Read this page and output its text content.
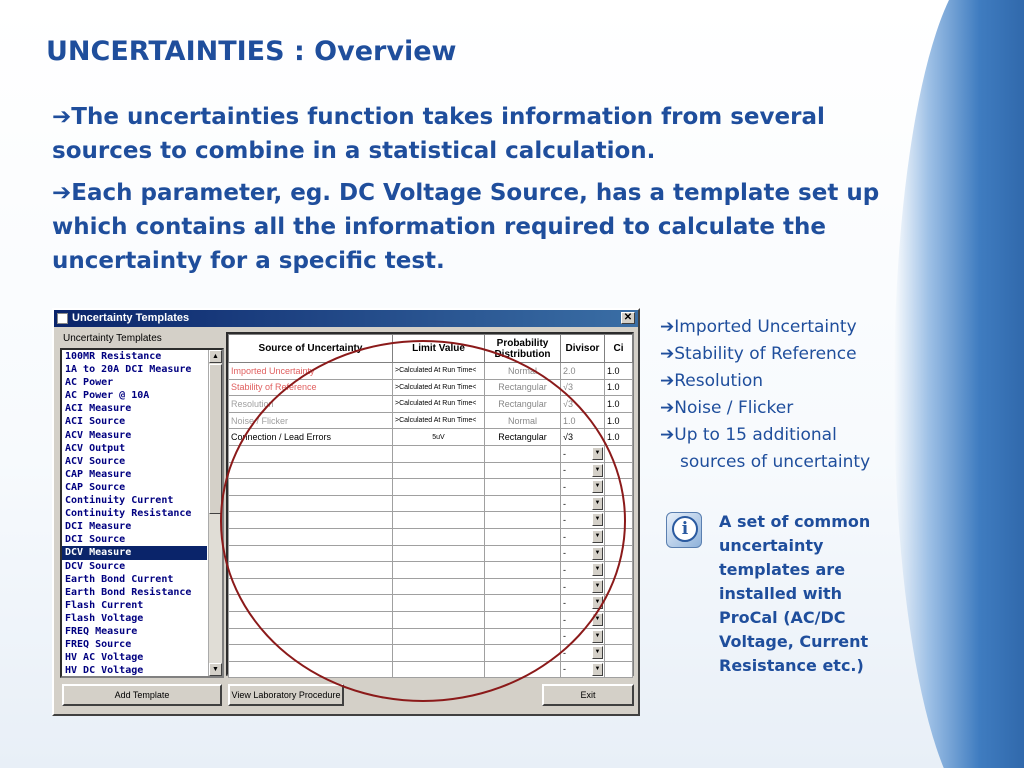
UNCERTAINTIES : Overview

➔The uncertainties function takes information from several sources to combine in a statistical calculation.

➔Each parameter, eg. DC Voltage Source, has a template set up which contains all the information required to calculate the uncertainty for a specific test.

Uncertainty Templates	✕
Uncertainty Templates
▲
▼
100MR Resistance
1A to 20A DCI Measure
AC Power
AC Power @ 10A
ACI Measure
ACI Source
ACV Measure
ACV Output
ACV Source
CAP Measure
CAP Source
Continuity Current
Continuity Resistance
DCI Measure
DCI Source
DCV Measure
DCV Source
Earth Bond Current
Earth Bond Resistance
Flash Current
Flash Voltage
FREQ Measure
FREQ Source
HV AC Voltage
HV DC Voltage
Source of Uncertainty	Limit Value	Probability Distribution	Divisor	Ci
Imported Uncertainty	>Calculated At Run Time<	Normal	2.0	1.0
Stability of Reference	>Calculated At Run Time<	Rectangular	√3	1.0
Resolution	>Calculated At Run Time<	Rectangular	√3	1.0
Noise / Flicker	>Calculated At Run Time<	Normal	1.0	1.0
Connection / Lead Errors	5uV	Rectangular	√3	1.0
			- ▼	

			- ▼	

			- ▼	

			- ▼	

			- ▼	

			- ▼	

			- ▼	

			- ▼	

			- ▼	

			- ▼	

			- ▼	

			- ▼	

			- ▼	

			- ▼	

Add Template	View Laboratory Procedure	Exit
➔Imported Uncertainty
➔Stability of Reference
➔Resolution
➔Noise / Flicker
➔Up to 15 additional
sources of uncertainty
i	A set of common uncertainty templates are installed with ProCal (AC/DC Voltage, Current Resistance etc.)
